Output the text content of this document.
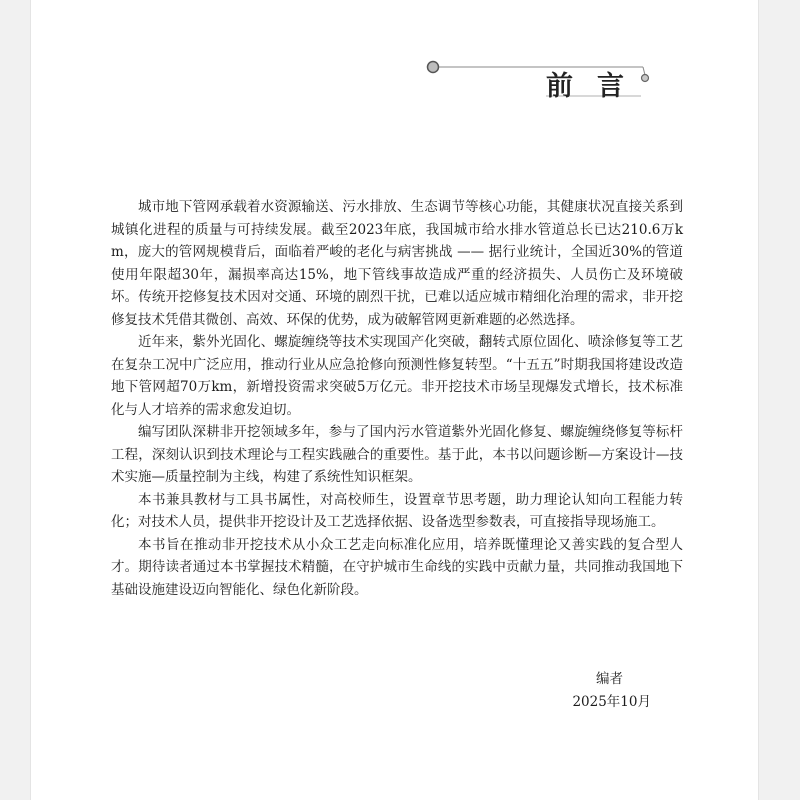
前言

城市地下管网承载着水资源输送、污水排放、生态调节等核心功能，其健康状况直接关系到城镇化进程的质量与可持续发展。截至2023年底，我国城市给水排水管道总长已达210.6万km，庞大的管网规模背后，面临着严峻的老化与病害挑战 —— 据行业统计，全国近30%的管道使用年限超30年，漏损率高达15%，地下管线事故造成严重的经济损失、人员伤亡及环境破坏。传统开挖修复技术因对交通、环境的剧烈干扰，已难以适应城市精细化治理的需求，非开挖修复技术凭借其微创、高效、环保的优势，成为破解管网更新难题的必然选择。

近年来，紫外光固化、螺旋缠绕等技术实现国产化突破，翻转式原位固化、喷涂修复等工艺在复杂工况中广泛应用，推动行业从应急抢修向预测性修复转型。“十五五”时期我国将建设改造地下管网超70万km，新增投资需求突破5万亿元。非开挖技术市场呈现爆发式增长，技术标准化与人才培养的需求愈发迫切。

编写团队深耕非开挖领域多年，参与了国内污水管道紫外光固化修复、螺旋缠绕修复等标杆工程，深刻认识到技术理论与工程实践融合的重要性。基于此，本书以问题诊断—方案设计—技术实施—质量控制为主线，构建了系统性知识框架。

本书兼具教材与工具书属性，对高校师生，设置章节思考题，助力理论认知向工程能力转化；对技术人员，提供非开挖设计及工艺选择依据、设备选型参数表，可直接指导现场施工。

本书旨在推动非开挖技术从小众工艺走向标准化应用，培养既懂理论又善实践的复合型人才。期待读者通过本书掌握技术精髓，在守护城市生命线的实践中贡献力量，共同推动我国地下基础设施建设迈向智能化、绿色化新阶段。

编者
2025年10月
